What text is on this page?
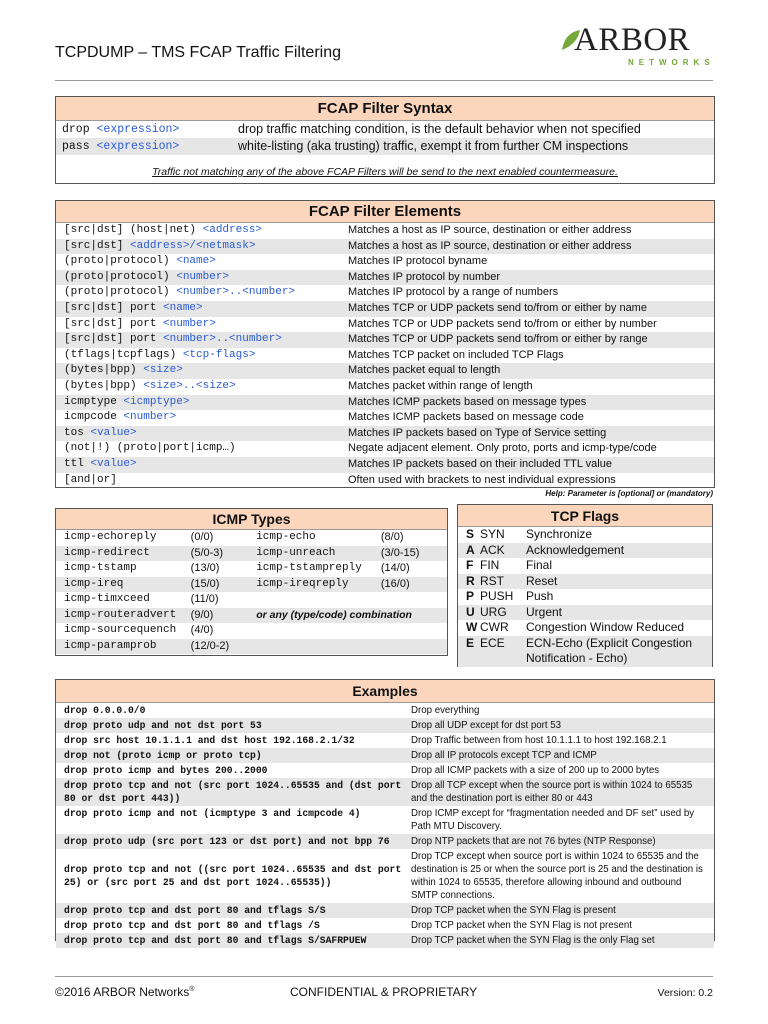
TCPDUMP – TMS FCAP Traffic Filtering	ARBOR
NETWORKS
FCAP Filter Syntax
drop <expression>	drop traffic matching condition, is the default behavior when not specified
pass <expression>	white-listing (aka trusting) traffic, exempt it from further CM inspections
Traffic not matching any of the above FCAP Filters will be send to the next enabled countermeasure.
FCAP Filter Elements
[src|dst] (host|net) <address>	Matches a host as IP source, destination or either address
[src|dst] <address>/<netmask>	Matches a host as IP source, destination or either address
(proto|protocol) <name>	Matches IP protocol byname
(proto|protocol) <number>	Matches IP protocol by number
(proto|protocol) <number>..<number>	Matches IP protocol by a range of numbers
[src|dst] port <name>	Matches TCP or UDP packets send to/from or either by name
[src|dst] port <number>	Matches TCP or UDP packets send to/from or either by number
[src|dst] port <number>..<number>	Matches TCP or UDP packets send to/from or either by range
(tflags|tcpflags) <tcp-flags>	Matches TCP packet on included TCP Flags
(bytes|bpp) <size>	Matches packet equal to length
(bytes|bpp) <size>..<size>	Matches packet within range of length
icmptype <icmptype>	Matches ICMP packets based on message types
icmpcode <number>	Matches ICMP packets based on message code
tos <value>	Matches IP packets based on Type of Service setting
(not|!) (proto|port|icmp…)	Negate adjacent element. Only proto, ports and icmp-type/code
ttl <value>	Matches IP packets based on their included TTL value
[and|or]	Often used with brackets to nest individual expressions
Help: Parameter is [optional] or (mandatory)
ICMP Types
icmp-echoreply	(0/0)	icmp-echo	(8/0)
icmp-redirect	(5/0-3)	icmp-unreach	(3/0-15)
icmp-tstamp	(13/0)	icmp-tstampreply	(14/0)
icmp-ireq	(15/0)	icmp-ireqreply	(16/0)
icmp-timxceed	(11/0)		
icmp-routeradvert	(9/0)	or any (type/code) combination	
icmp-sourcequench	(4/0)		
icmp-paramprob	(12/0-2)		
TCP Flags
S	SYN	Synchronize
A	ACK	Acknowledgement
F	FIN	Final
R	RST	Reset
P	PUSH	Push
U	URG	Urgent
W	CWR	Congestion Window Reduced
E	ECE	ECN-Echo (Explicit Congestion Notification - Echo)
Examples
drop 0.0.0.0/0	Drop everything
drop proto udp and not dst port 53	Drop all UDP except for dst port 53
drop src host 10.1.1.1 and dst host 192.168.2.1/32	Drop Traffic between from host 10.1.1.1 to host 192.168.2.1
drop not (proto icmp or proto tcp)	Drop all IP protocols except TCP and ICMP
drop proto icmp and bytes 200..2000	Drop all ICMP packets with a size of 200 up to 2000 bytes
drop proto tcp and not (src port 1024..65535 and (dst port 80 or dst port 443))	Drop all TCP except when the source port is within 1024 to 65535 and the destination port is either 80 or 443
drop proto icmp and not (icmptype 3 and icmpcode 4)	Drop ICMP except for “fragmentation needed and DF set” used by Path MTU Discovery.
drop proto udp (src port 123 or dst port) and not bpp 76	Drop NTP packets that are not 76 bytes (NTP Response)
drop proto tcp and not ((src port 1024..65535 and dst port 25) or (src port 25 and dst port 1024..65535))	Drop TCP except when source port is within 1024 to 65535 and the destination is 25 or when the source port is 25 and the destination is within 1024 to 65535, therefore allowing inbound and outbound SMTP connections.
drop proto tcp and dst port 80 and tflags S/S	Drop TCP packet when the SYN Flag is present
drop proto tcp and dst port 80 and tflags /S	Drop TCP packet when the SYN Flag is not present
drop proto tcp and dst port 80 and tflags S/SAFRPUEW	Drop TCP packet when the SYN Flag is the only Flag set
©2016 ARBOR Networks®	CONFIDENTIAL & PROPRIETARY	Version: 0.2
